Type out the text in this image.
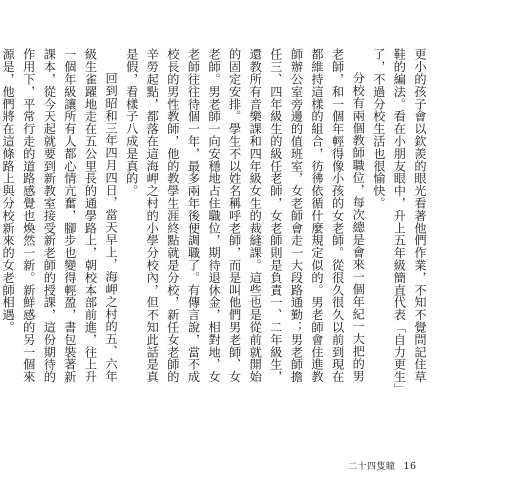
更小的孩子會以欽羨的眼光看著他們作業，不知不覺問記住草鞋的編法。看在小朋友眼中，升上五年級簡直代表「自力更生」了，不過分校生活也很愉快。

分校有兩個教師職位，每次總是會來一個年紀一大把的男老師，和一個年輕得像小孩的女老師。從很久很久以前到現在都維持這樣的組合，彷彿依循什麼規定似的。男老師會住進教師辦公室旁邊的值班室，女老師會走一大段路通勤；男老師擔任三、四年級生的級任老師，女老師則是負責一、二年級生，還教所有音樂課和四年級女生的裁縫課。這些也是從前就開始的固定安排。學生不以姓名稱呼老師，而是叫他們男老師、女老師。男老師一向安穩地占住職位，期待退休金，相對地，女老師往往待個一年，最多兩年後便調職了。有傳言說，當不成校長的男性教師，他的教學生涯終點就是分校，新任女老師的辛勞起點，都落在這海岬之村的小學分校內，但不知此話是真是假，看樣子八成是真的。

回到昭和三年四月四日，當天早上，海岬之村的五、六年級生雀躍地走在五公里長的通學路上，朝校本部前進，往上升一個年級讓所有人都心情亢奮，腳步也變得輕盈，書包裝著新課本，從今天起就要到新教室接受新老師的授課，這份期待的作用下，平常行走的道路感覺也煥然一新。新鮮感的另一個來源是，他們將在這條路上與分校新來的女老師相遇。

二十四隻瞳 16
